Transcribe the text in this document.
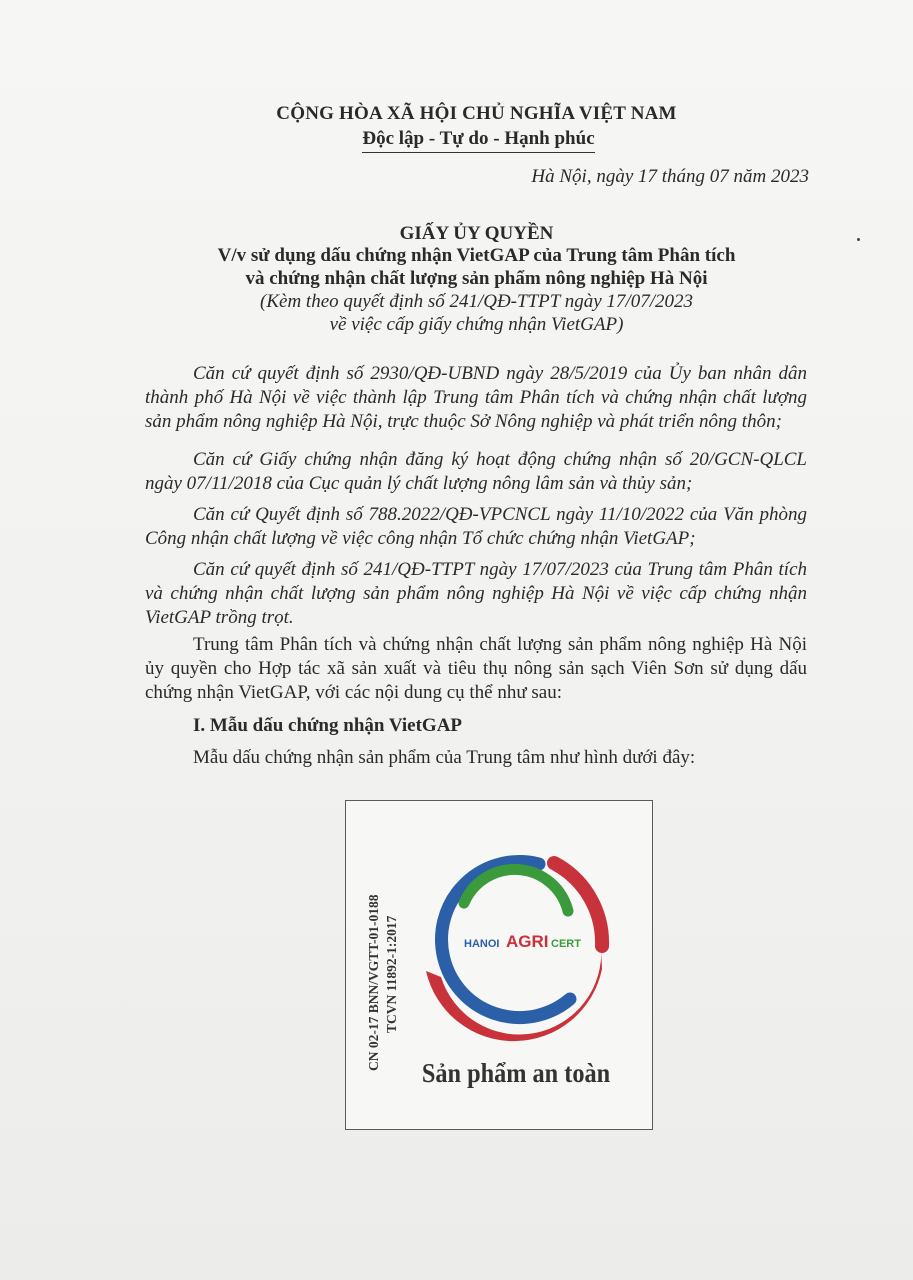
CỘNG HÒA XÃ HỘI CHỦ NGHĨA VIỆT NAM
Độc lập - Tự do - Hạnh phúc
Hà Nội, ngày 17 tháng 07 năm 2023
GIẤY ỦY QUYỀN
V/v sử dụng dấu chứng nhận VietGAP của Trung tâm Phân tích
và chứng nhận chất lượng sản phẩm nông nghiệp Hà Nội
(Kèm theo quyết định số 241/QĐ-TTPT ngày 17/07/2023
về việc cấp giấy chứng nhận VietGAP)
Căn cứ quyết định số 2930/QĐ-UBND ngày 28/5/2019 của Ủy ban nhân dân thành phố Hà Nội về việc thành lập Trung tâm Phân tích và chứng nhận chất lượng sản phẩm nông nghiệp Hà Nội, trực thuộc Sở Nông nghiệp và phát triển nông thôn;
Căn cứ Giấy chứng nhận đăng ký hoạt động chứng nhận số 20/GCN-QLCL ngày 07/11/2018 của Cục quản lý chất lượng nông lâm sản và thủy sản;
Căn cứ Quyết định số 788.2022/QĐ-VPCNCL ngày 11/10/2022 của Văn phòng Công nhận chất lượng về việc công nhận Tổ chức chứng nhận VietGAP;
Căn cứ quyết định số 241/QĐ-TTPT ngày 17/07/2023 của Trung tâm Phân tích và chứng nhận chất lượng sản phẩm nông nghiệp Hà Nội về việc cấp chứng nhận VietGAP trồng trọt.
Trung tâm Phân tích và chứng nhận chất lượng sản phẩm nông nghiệp Hà Nội ủy quyền cho Hợp tác xã sản xuất và tiêu thụ nông sản sạch Viên Sơn sử dụng dấu chứng nhận VietGAP, với các nội dung cụ thể như sau:
I. Mẫu dấu chứng nhận VietGAP
Mẫu dấu chứng nhận sản phẩm của Trung tâm như hình dưới đây:
CN 02-17 BNN/VGTT-01-0188 TCVN 11892-1:2017	HANOI AGRI CERT
Sản phẩm an toàn
